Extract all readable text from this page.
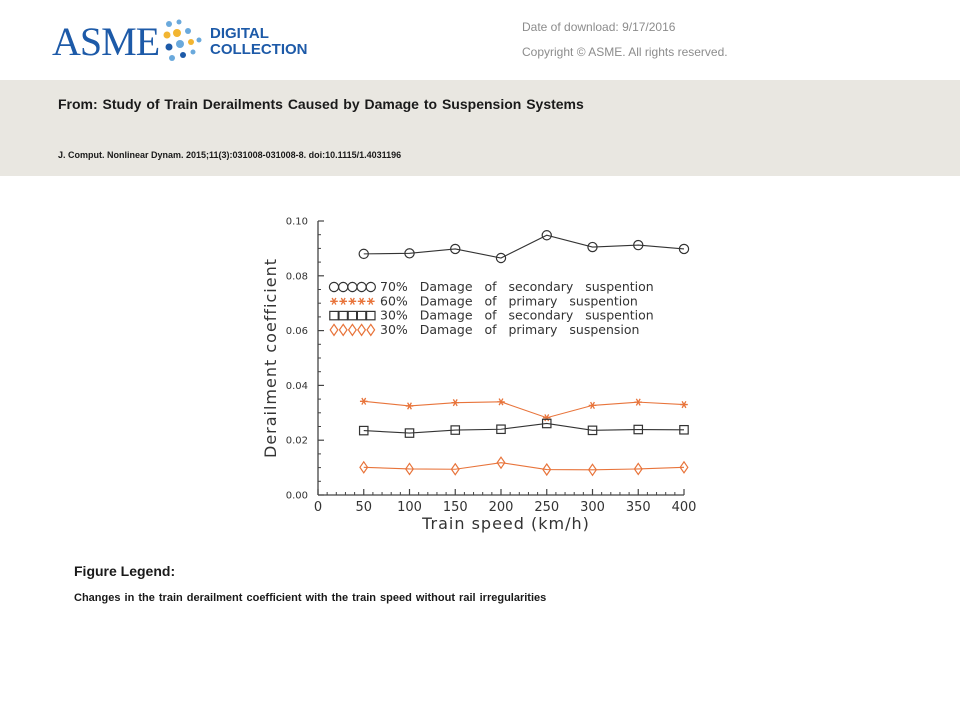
ASME	DIGITAL
COLLECTION
Date of download: 9/17/2016
Copyright © ASME. All rights reserved.
From: Study of Train Derailments Caused by Damage to Suspension Systems
J. Comput. Nonlinear Dynam. 2015;11(3):031008-031008-8. doi:10.1115/1.4031196
0.00
0.02
0.04
0.06
0.08
0.10
0	50 100 150 200 250 300 350 400
Train speed (km/h)
Derailment coefficient	70% Damage of secondary suspention
60% Damage of primary suspention
30% Damage of secondary suspention
30% Damage of primary suspension
Figure Legend:
Changes in the train derailment coefficient with the train speed without rail irregularities
